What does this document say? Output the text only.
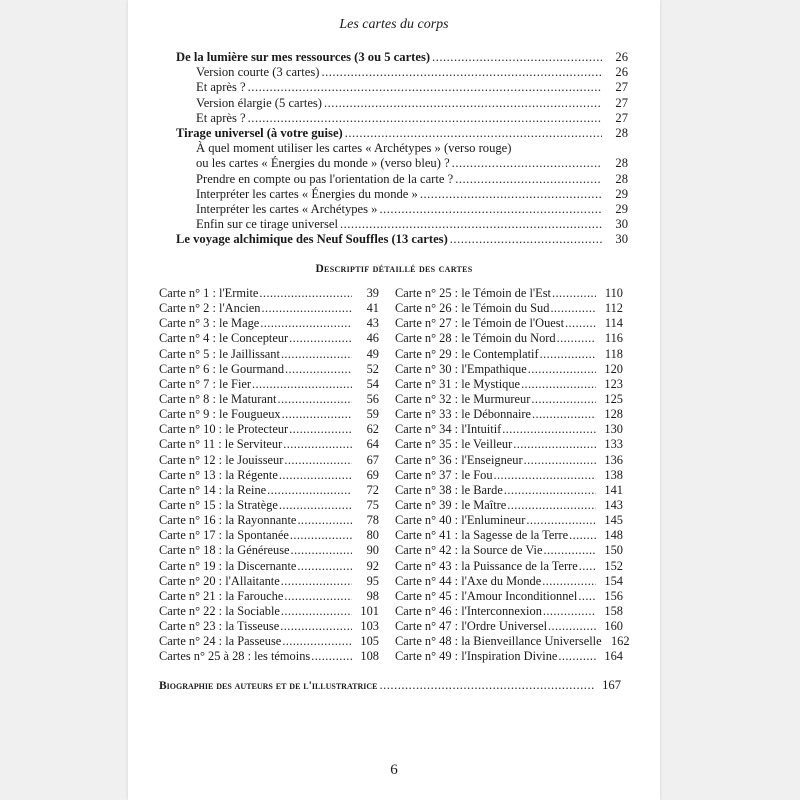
Les cartes du corps
De la lumière sur mes ressources (3 ou 5 cartes) .....	26
Version courte (3 cartes) .....	26
Et après ? .....	27
Version élargie (5 cartes) .....	27
Et après ? .....	27
Tirage universel (à votre guise) .....	28
À quel moment utiliser les cartes « Archétypes » (verso rouge)
ou les cartes « Énergies du monde » (verso bleu) ? .....	28
Prendre en compte ou pas l'orientation de la carte ? .....	28
Interpréter les cartes « Énergies du monde » .....	29
Interpréter les cartes « Archétypes » .....	29
Enfin sur ce tirage universel .....	30
Le voyage alchimique des Neuf Souffles (13 cartes) .....	30
Descriptif détaillé des cartes
Carte n° 1 : l'Ermite .....	39
Carte n° 2 : l'Ancien .....	41
Carte n° 3 : le Mage .....	43
Carte n° 4 : le Concepteur .....	46
Carte n° 5 : le Jaillissant .....	49
Carte n° 6 : le Gourmand .....	52
Carte n° 7 : le Fier .....	54
Carte n° 8 : le Maturant .....	56
Carte n° 9 : le Fougueux .....	59
Carte n° 10 : le Protecteur .....	62
Carte n° 11 : le Serviteur .....	64
Carte n° 12 : le Jouisseur .....	67
Carte n° 13 : la Régente .....	69
Carte n° 14 : la Reine .....	72
Carte n° 15 : la Stratège .....	75
Carte n° 16 : la Rayonnante .....	78
Carte n° 17 : la Spontanée .....	80
Carte n° 18 : la Généreuse .....	90
Carte n° 19 : la Discernante .....	92
Carte n° 20 : l'Allaitante .....	95
Carte n° 21 : la Farouche .....	98
Carte n° 22 : la Sociable .....	101
Carte n° 23 : la Tisseuse .....	103
Carte n° 24 : la Passeuse .....	105
Cartes n° 25 à 28 : les témoins .....	108
Carte n° 25 : le Témoin de l'Est .....	110
Carte n° 26 : le Témoin du Sud .....	112
Carte n° 27 : le Témoin de l'Ouest .....	114
Carte n° 28 : le Témoin du Nord .....	116
Carte n° 29 : le Contemplatif .....	118
Carte n° 30 : l'Empathique .....	120
Carte n° 31 : le Mystique .....	123
Carte n° 32 : le Murmureur .....	125
Carte n° 33 : le Débonnaire .....	128
Carte n° 34 : l'Intuitif .....	130
Carte n° 35 : le Veilleur .....	133
Carte n° 36 : l'Enseigneur .....	136
Carte n° 37 : le Fou .....	138
Carte n° 38 : le Barde .....	141
Carte n° 39 : le Maître .....	143
Carte n° 40 : l'Enlumineur .....	145
Carte n° 41 : la Sagesse de la Terre .....	148
Carte n° 42 : la Source de Vie .....	150
Carte n° 43 : la Puissance de la Terre .....	152
Carte n° 44 : l'Axe du Monde .....	154
Carte n° 45 : l'Amour Inconditionnel .....	156
Carte n° 46 : l'Interconnexion .....	158
Carte n° 47 : l'Ordre Universel .....	160
Carte n° 48 : la Bienveillance Universelle 162
Carte n° 49 : l'Inspiration Divine .....	164
Biographie des auteurs et de l'illustratrice .....	167
6
